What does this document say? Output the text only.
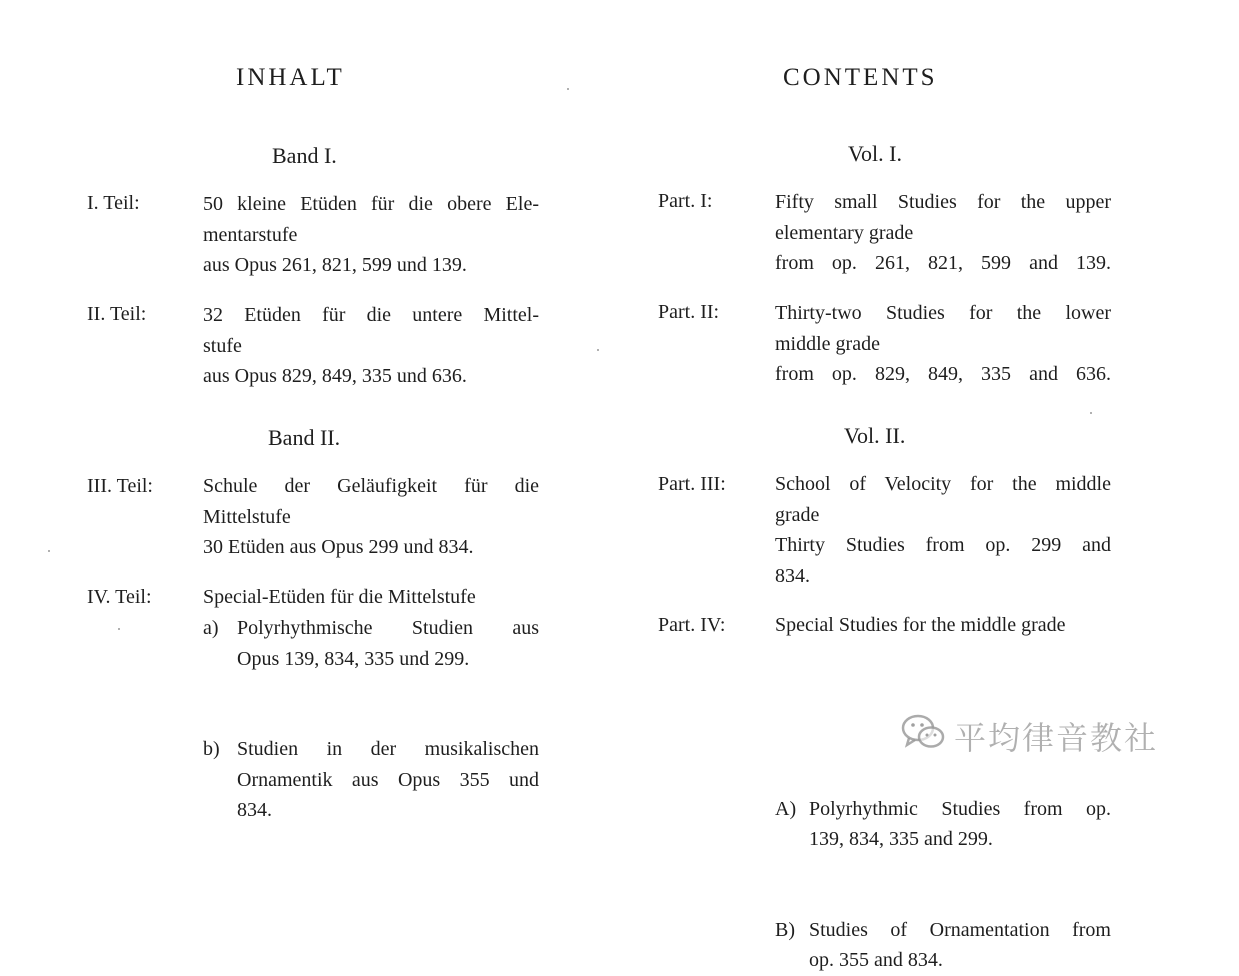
INHALT
Band I.
I. Teil:	50 kleine Etüden für die obere Ele-
mentarstufe
aus Opus 261, 821, 599 und 139.
II. Teil:	32 Etüden für die untere Mittel-
stufe
aus Opus 829, 849, 335 und 636.
Band II.
III. Teil:	Schule der Geläufigkeit für die
Mittelstufe
30 Etüden aus Opus 299 und 834.
IV. Teil:	Special-Etüden für die Mittelstufe
a) Polyrhythmische Studien aus
Opus 139, 834, 335 und 299.
b) Studien in der musikalischen
Ornamentik aus Opus 355 und
834.
CONTENTS
Vol. I.
Part. I:	Fifty small Studies for the upper
elementary grade
from op. 261, 821, 599 and 139.
Part. II:	Thirty-two Studies for the lower
middle grade
from op. 829, 849, 335 and 636.
Vol. II.
Part. III: School of Velocity for the middle
grade
Thirty Studies from op. 299 and
834.
Part. IV: Special Studies for the middle grade
A) Polyrhythmic Studies from op.
139, 834, 335 and 299.
B) Studies of Ornamentation from
op. 355 and 834.
平均律音教社
